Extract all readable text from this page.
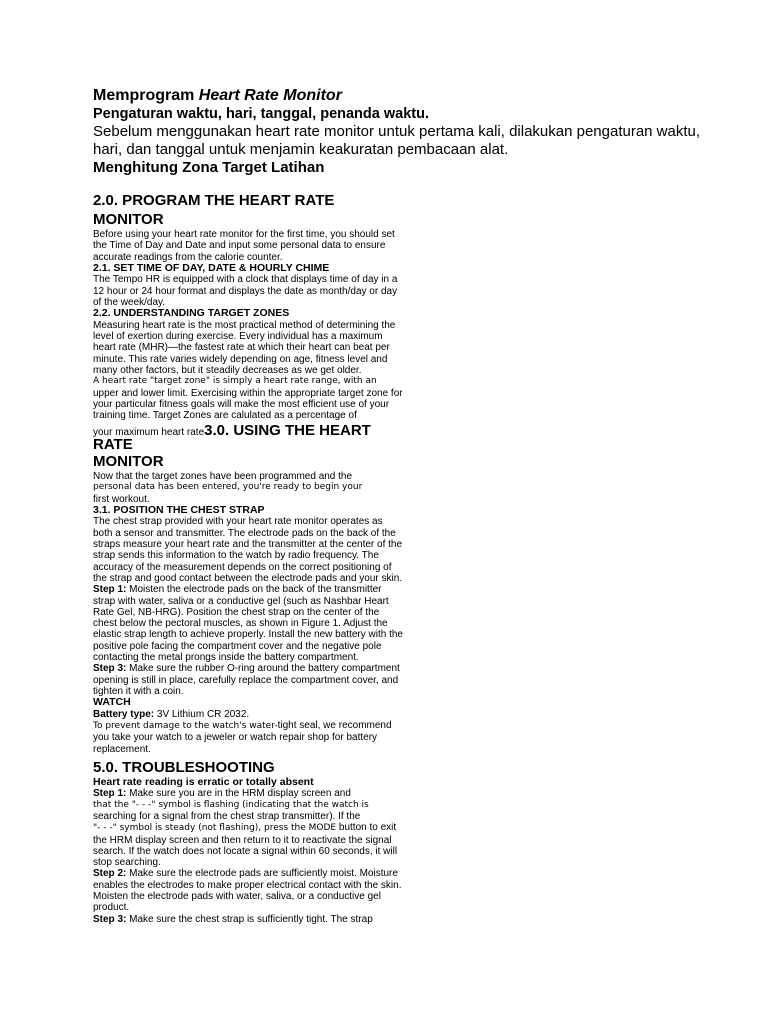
Memprogram Heart Rate Monitor
Pengaturan waktu, hari, tanggal, penanda waktu.
Sebelum menggunakan heart rate monitor untuk pertama kali, dilakukan pengaturan waktu, hari, dan tanggal untuk menjamin keakuratan pembacaan alat.
Menghitung Zona Target Latihan
2.0. PROGRAM THE HEART RATE MONITOR
Before using your heart rate monitor for the first time, you should set the Time of Day and Date and input some personal data to ensure accurate readings from the calorie counter.
2.1. SET TIME OF DAY, DATE & HOURLY CHIME
The Tempo HR is equipped with a clock that displays time of day in a 12 hour or 24 hour format and displays the date as month/day or day of the week/day.
2.2. UNDERSTANDING TARGET ZONES
Measuring heart rate is the most practical method of determining the level of exertion during exercise. Every individual has a maximum heart rate (MHR)—the fastest rate at which their heart can beat per minute. This rate varies widely depending on age, fitness level and many other factors, but it steadily decreases as we get older.
A heart rate "target zone" is simply a heart rate range, with an
upper and lower limit. Exercising within the appropriate target zone for your particular fitness goals will make the most efficient use of your training time. Target Zones are calulated as a percentage of
your maximum heart rate3.0. USING THE HEART RATE
MONITOR
Now that the target zones have been programmed and the
personal data has been entered, you're ready to begin your
first workout.
3.1. POSITION THE CHEST STRAP
The chest strap provided with your heart rate monitor operates as both a sensor and transmitter. The electrode pads on the back of the straps measure your heart rate and the transmitter at the center of the strap sends this information to the watch by radio frequency. The accuracy of the measurement depends on the correct positioning of the strap and good contact between the electrode pads and your skin.
Step 1: Moisten the electrode pads on the back of the transmitter strap with water, saliva or a conductive gel (such as Nashbar Heart Rate Gel, NB-HRG). Position the chest strap on the center of the chest below the pectoral muscles, as shown in Figure 1. Adjust the elastic strap length to achieve properly. Install the new battery with the positive pole facing the compartment cover and the negative pole contacting the metal prongs inside the battery compartment.
Step 3: Make sure the rubber O-ring around the battery compartment opening is still in place, carefully replace the compartment cover, and tighten it with a coin.
WATCH
Battery type: 3V Lithium CR 2032.
To prevent damage to the watch's water-tight seal, we recommend you take your watch to a jeweler or watch repair shop for battery replacement.
5.0. TROUBLESHOOTING
Heart rate reading is erratic or totally absent
Step 1: Make sure you are in the HRM display screen and
that the "- - -" symbol is flashing (indicating that the watch is
searching for a signal from the chest strap transmitter). If the
"- - -" symbol is steady (not flashing), press the MODE button to exit the HRM display screen and then return to it to reactivate the signal search. If the watch does not locate a signal within 60 seconds, it will stop searching.
Step 2: Make sure the electrode pads are sufficiently moist. Moisture enables the electrodes to make proper electrical contact with the skin. Moisten the electrode pads with water, saliva, or a conductive gel product.
Step 3: Make sure the chest strap is sufficiently tight. The strap
